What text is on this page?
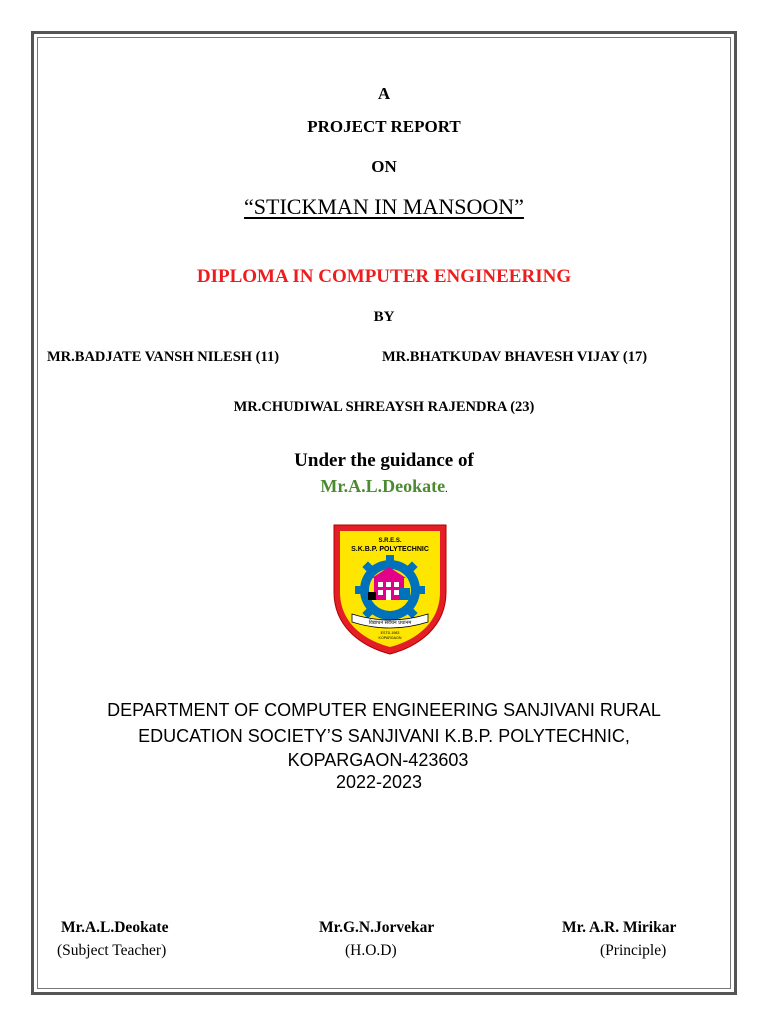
A
PROJECT REPORT
ON
“STICKMAN IN MANSOON”
DIPLOMA IN COMPUTER ENGINEERING
BY
MR.BADJATE VANSH NILESH (11)	MR.BHATKUDAV BHAVESH VIJAY (17)
MR.CHUDIWAL SHREAYSH RAJENDRA (23)
Under the guidance of
Mr.A.L.Deokate.
S.R.E.S.
S.K.B.P. POLYTECHNIC
विद्याधन सर्वधन प्रधानम
ESTD-1983
KOPARGAON
DEPARTMENT OF COMPUTER ENGINEERING SANJIVANI RURAL
EDUCATION SOCIETY’S SANJIVANI K.B.P. POLYTECHNIC,
KOPARGAON-423603
2022-2023
Mr.A.L.Deokate
(Subject Teacher)
Mr.G.N.Jorvekar
(H.O.D)
Mr. A.R. Mirikar
(Principle)
